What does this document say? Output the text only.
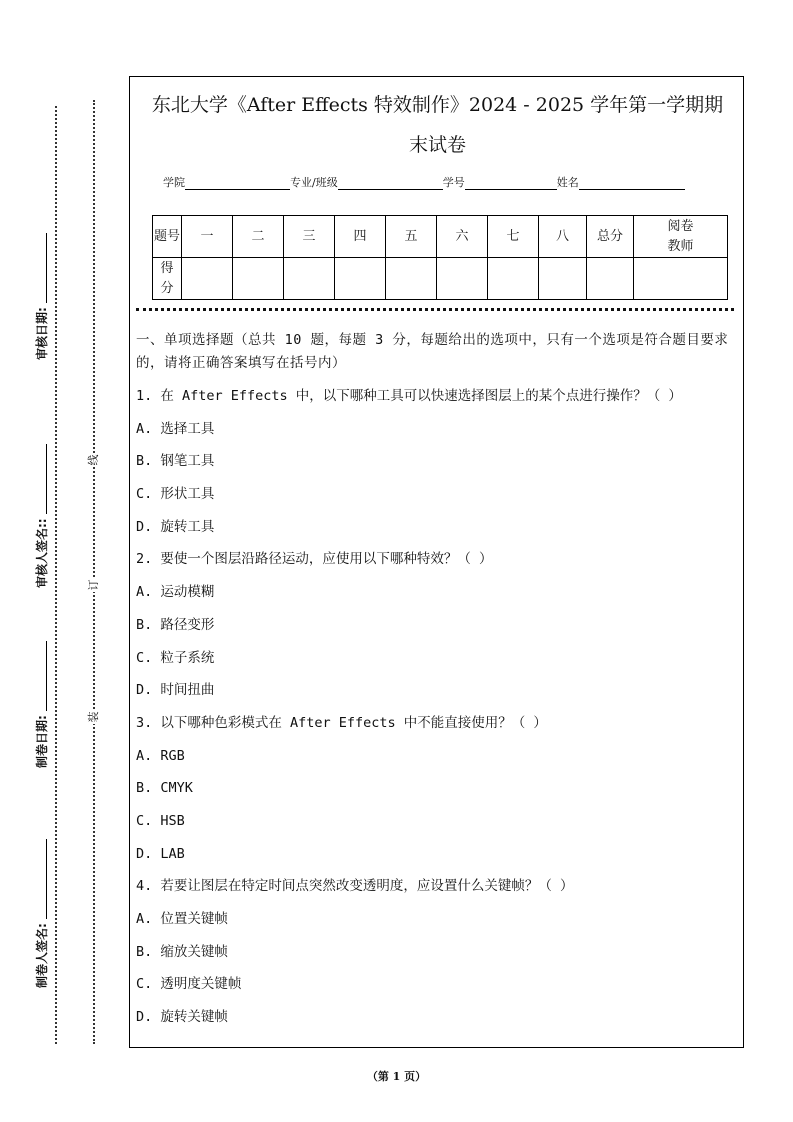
审核日期:
审核人签名::
制卷日期:
制卷人签名:
线
订
装
东北大学《After Effects 特效制作》2024 - 2025 学年第一学期期
末试卷
学院	专业/班级	学号	姓名
题号	一	二	三	四	五	六	七	八	总分	阅卷教师
得分										
一、单项选择题（总共 10 题，每题 3 分，每题给出的选项中，只有一个选项是符合题目要求的，请将正确答案填写在括号内）
1. 在 After Effects 中，以下哪种工具可以快速选择图层上的某个点进行操作？（ ）
A. 选择工具
B. 钢笔工具
C. 形状工具
D. 旋转工具
2. 要使一个图层沿路径运动，应使用以下哪种特效？（ ）
A. 运动模糊
B. 路径变形
C. 粒子系统
D. 时间扭曲
3. 以下哪种色彩模式在 After Effects 中不能直接使用？（ ）
A. RGB
B. CMYK
C. HSB
D. LAB
4. 若要让图层在特定时间点突然改变透明度，应设置什么关键帧？（ ）
A. 位置关键帧
B. 缩放关键帧
C. 透明度关键帧
D. 旋转关键帧
（第 1 页）
